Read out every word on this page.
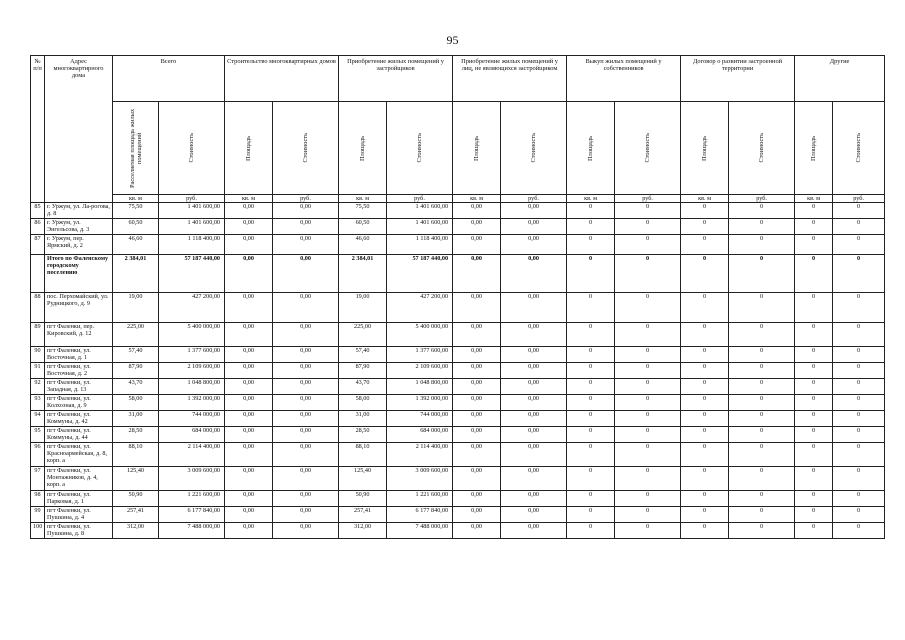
95
№ п/п	Адрес многоквартирного дома	Всего		Строительство многоквартирных домов		Приобретение жилых помещений у застройщиков		Приобретение жилых помещений у лиц, не являющихся застройщиком		Выкуп жилых помещений у собственников		Договор о развитии застроенной территории		Другие	

		Расселяемая площадь жилых помещений	Стоимость	Площадь	Стоимость	Площадь	Стоимость	Площадь	Стоимость	Площадь	Стоимость	Площадь	Стоимость	Площадь	Стоимость

		кв. м	руб.	кв. м	руб.	кв. м	руб.	кв. м	руб.	кв. м	руб.	кв. м	руб.	кв. м	руб.
85	г. Уржум, ул. Ла-рогова, д. 8	75,50	1 401 600,00	0,00	0,00	75,50	1 401 600,00	0,00	0,00	0	0	0	0	0	0
86	г. Уржум, ул. Энгельсова, д. 3	60,50	1 401 600,00	0,00	0,00	60,50	1 401 600,00	0,00	0,00	0	0	0	0	0	0
87	г. Уржум, пер. Ярмский, д. 2	46,60	1 118 400,00	0,00	0,00	46,60	1 118 400,00	0,00	0,00	0	0	0	0	0	0
	Итого по Фаленскому городскому поселению	2 384,01	57 187 440,00	0,00	0,00	2 384,01	57 187 440,00	0,00	0,00	0	0	0	0	0	0
88	пос. Перхомайский, ул. Рудницкого, д. 9	19,00	427 200,00	0,00	0,00	19,00	427 200,00	0,00	0,00	0	0	0	0	0	0
89	пгт Фаленки, пер. Кировский, д. 12	225,00	5 400 000,00	0,00	0,00	225,00	5 400 000,00	0,00	0,00	0	0	0	0	0	0
90	пгт Фаленки, ул. Восточная, д. 1	57,40	1 377 600,00	0,00	0,00	57,40	1 377 600,00	0,00	0,00	0	0	0	0	0	0
91	пгт Фаленки, ул. Восточная, д. 2	87,90	2 109 600,00	0,00	0,00	87,90	2 109 600,00	0,00	0,00	0	0	0	0	0	0
92	пгт Фаленки, ул. Западная, д. 13	43,70	1 048 800,00	0,00	0,00	43,70	1 048 800,00	0,00	0,00	0	0	0	0	0	0
93	пгт Фаленки, ул. Колхозная, д. 9	58,00	1 392 000,00	0,00	0,00	58,00	1 392 000,00	0,00	0,00	0	0	0	0	0	0
94	пгт Фаленки, ул. Коммуны, д. 42	31,00	744 000,00	0,00	0,00	31,00	744 000,00	0,00	0,00	0	0	0	0	0	0
95	пгт Фаленки, ул. Коммуны, д. 44	28,50	684 000,00	0,00	0,00	28,50	684 000,00	0,00	0,00	0	0	0	0	0	0
96	пгт Фаленки, ул. Красноармейская, д. 8, корп. а	88,10	2 114 400,00	0,00	0,00	88,10	2 114 400,00	0,00	0,00	0	0	0	0	0	0
97	пгт Фаленки, ул. Монтажников, д. 4, корп. а	125,40	3 009 600,00	0,00	0,00	125,40	3 009 600,00	0,00	0,00	0	0	0	0	0	0
98	пгт Фаленки, ул. Парковая, д. 1	50,90	1 221 600,00	0,00	0,00	50,90	1 221 600,00	0,00	0,00	0	0	0	0	0	0
99	пгт Фаленки, ул. Пушкина, д. 4	257,41	6 177 840,00	0,00	0,00	257,41	6 177 840,00	0,00	0,00	0	0	0	0	0	0
100	пгт Фаленки, ул. Пушкина, д. 8	312,00	7 488 000,00	0,00	0,00	312,00	7 488 000,00	0,00	0,00	0	0	0	0	0	0
